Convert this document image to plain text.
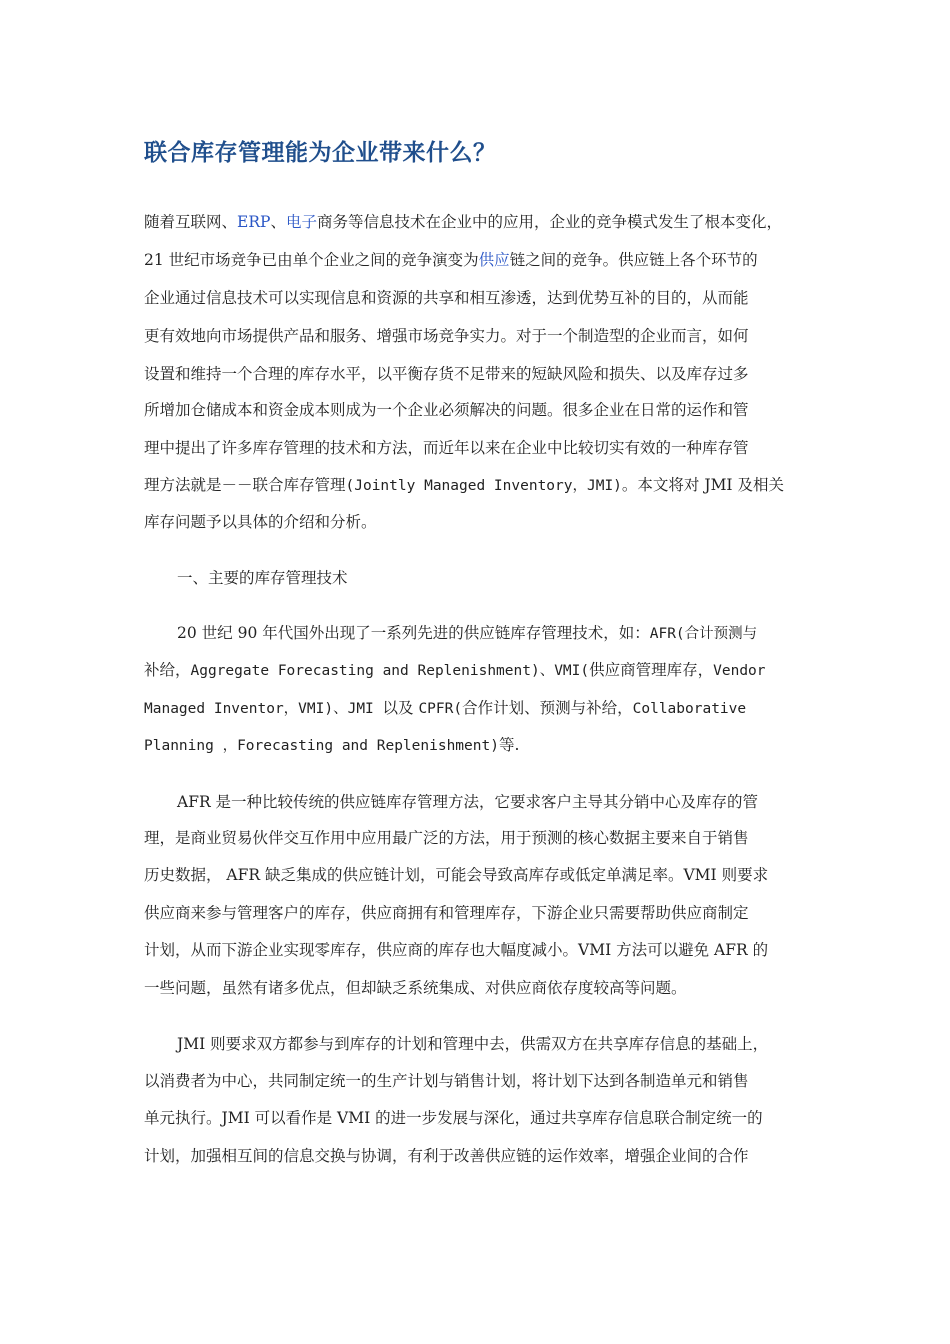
联合库存管理能为企业带来什么？
随着互联网、ERP、电子商务等信息技术在企业中的应用，企业的竞争模式发生了根本变化，
21 世纪市场竞争已由单个企业之间的竞争演变为供应链之间的竞争。供应链上各个环节的
企业通过信息技术可以实现信息和资源的共享和相互渗透，达到优势互补的目的，从而能
更有效地向市场提供产品和服务、增强市场竞争实力。对于一个制造型的企业而言，如何
设置和维持一个合理的库存水平，以平衡存货不足带来的短缺风险和损失、以及库存过多
所增加仓储成本和资金成本则成为一个企业必须解决的问题。很多企业在日常的运作和管
理中提出了许多库存管理的技术和方法，而近年以来在企业中比较切实有效的一种库存管
理方法就是－－联合库存管理(Jointly Managed Inventory，JMI)。本文将对 JMI 及相关
库存问题予以具体的介绍和分析。
一、主要的库存管理技术
20 世纪 90 年代国外出现了一系列先进的供应链库存管理技术，如：AFR(合计预测与
补给，Aggregate Forecasting and Replenishment)、VMI(供应商管理库存，Vendor
Managed Inventor，VMI)、JMI 以及 CPFR(合作计划、预测与补给，Collaborative
Planning ，Forecasting and Replenishment)等.
AFR 是一种比较传统的供应链库存管理方法，它要求客户主导其分销中心及库存的管
理，是商业贸易伙伴交互作用中应用最广泛的方法，用于预测的核心数据主要来自于销售
历史数据， AFR 缺乏集成的供应链计划，可能会导致高库存或低定单满足率。VMI 则要求
供应商来参与管理客户的库存，供应商拥有和管理库存，下游企业只需要帮助供应商制定
计划，从而下游企业实现零库存，供应商的库存也大幅度减小。VMI 方法可以避免 AFR 的
一些问题，虽然有诸多优点，但却缺乏系统集成、对供应商依存度较高等问题。
JMI 则要求双方都参与到库存的计划和管理中去，供需双方在共享库存信息的基础上，
以消费者为中心，共同制定统一的生产计划与销售计划，将计划下达到各制造单元和销售
单元执行。JMI 可以看作是 VMI 的进一步发展与深化，通过共享库存信息联合制定统一的
计划，加强相互间的信息交换与协调，有利于改善供应链的运作效率，增强企业间的合作
